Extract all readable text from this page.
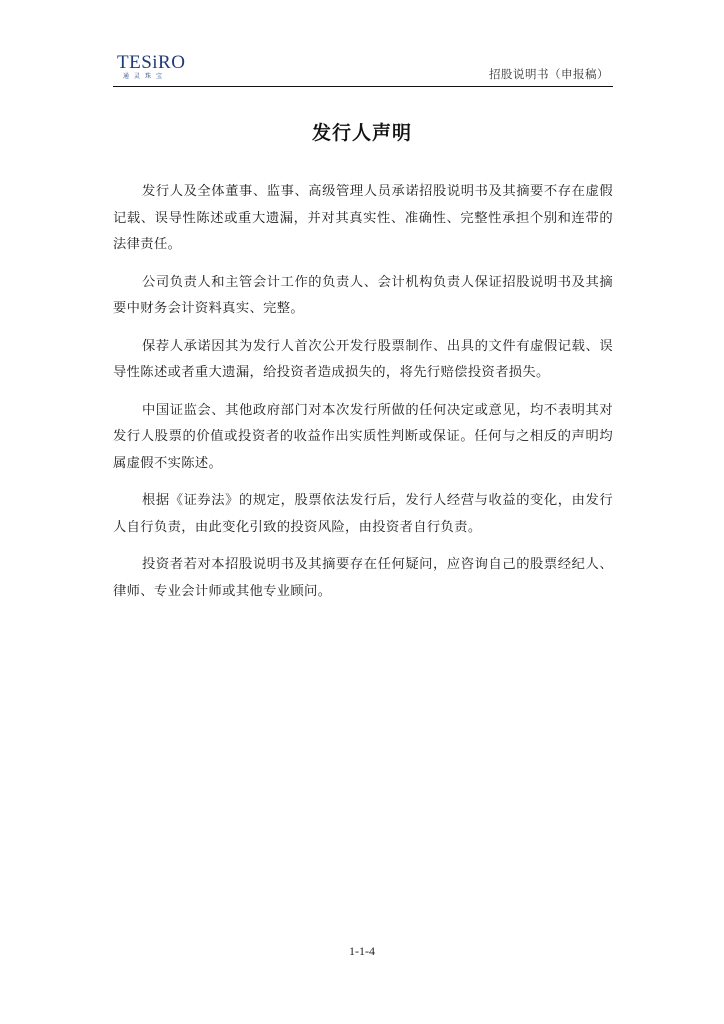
TESiRO
通灵珠宝	招股说明书（申报稿）
发行人声明

发行人及全体董事、监事、高级管理人员承诺招股说明书及其摘要不存在虚假记载、误导性陈述或重大遗漏，并对其真实性、准确性、完整性承担个别和连带的法律责任。

公司负责人和主管会计工作的负责人、会计机构负责人保证招股说明书及其摘要中财务会计资料真实、完整。

保荐人承诺因其为发行人首次公开发行股票制作、出具的文件有虚假记载、误导性陈述或者重大遗漏，给投资者造成损失的，将先行赔偿投资者损失。

中国证监会、其他政府部门对本次发行所做的任何决定或意见，均不表明其对发行人股票的价值或投资者的收益作出实质性判断或保证。任何与之相反的声明均属虚假不实陈述。

根据《证券法》的规定，股票依法发行后，发行人经营与收益的变化，由发行人自行负责，由此变化引致的投资风险，由投资者自行负责。

投资者若对本招股说明书及其摘要存在任何疑问，应咨询自己的股票经纪人、律师、专业会计师或其他专业顾问。

1-1-4
